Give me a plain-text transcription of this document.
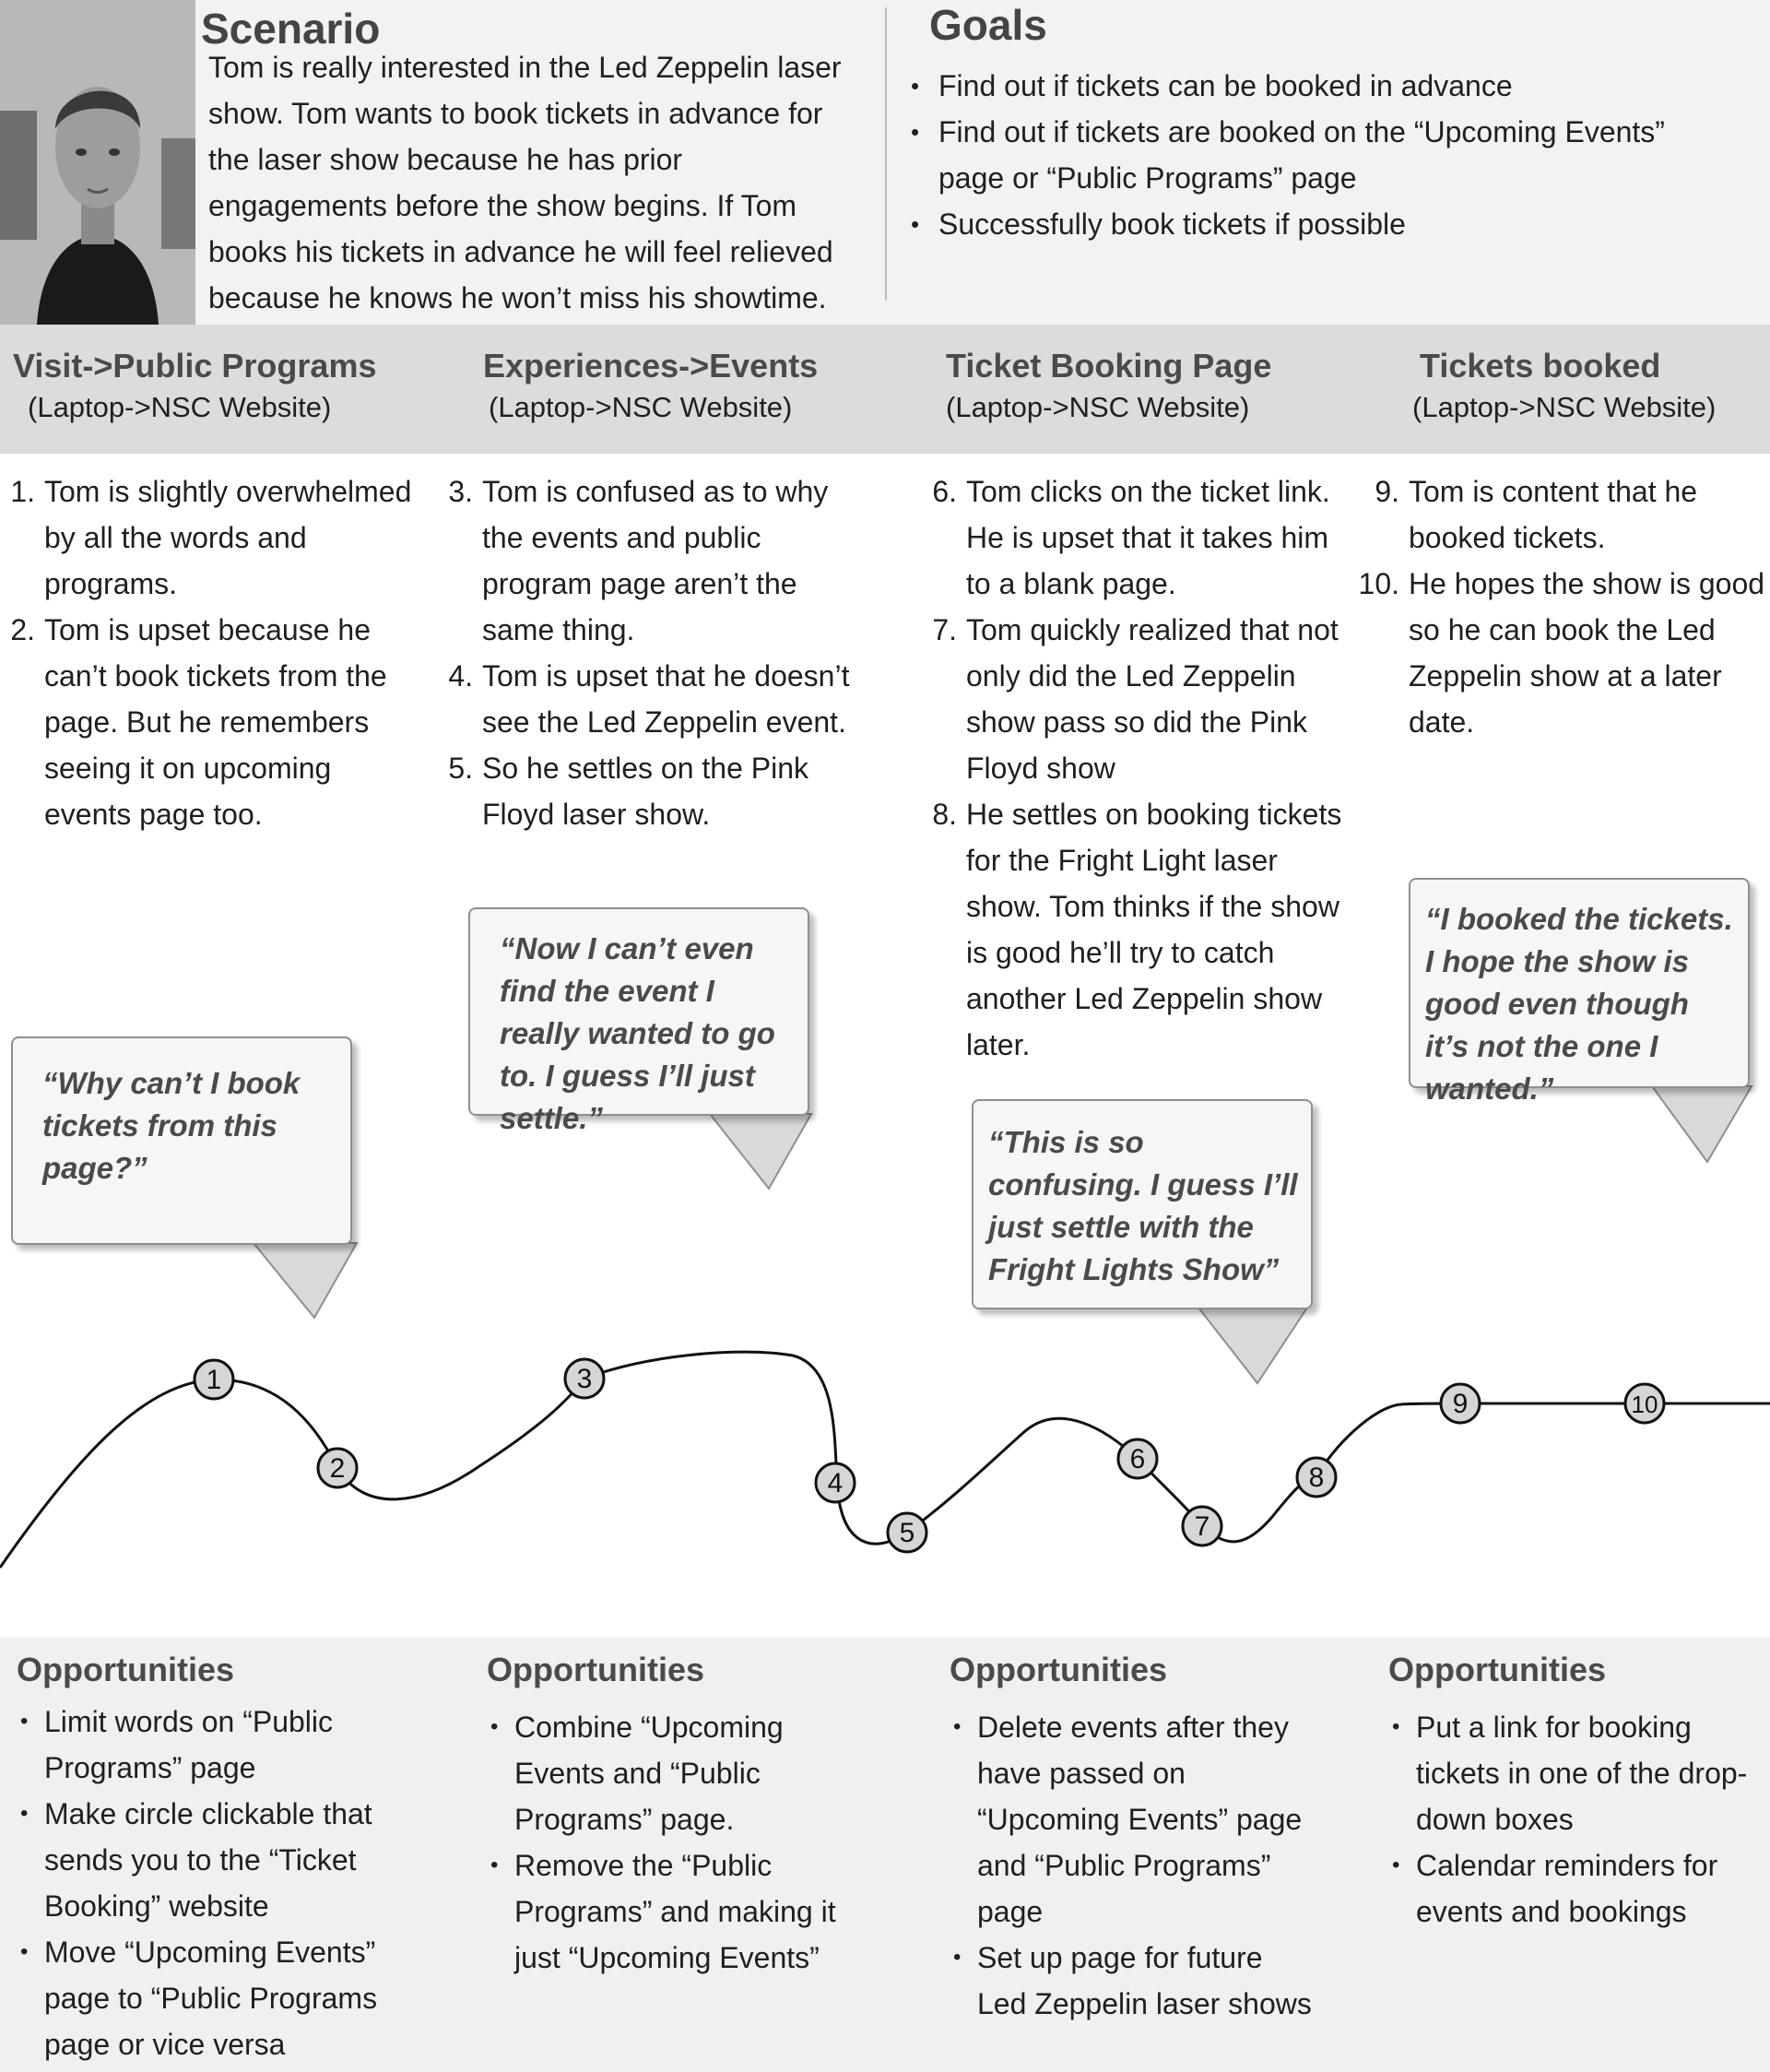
Scenario
Tom is really interested in the Led Zeppelin laser show. Tom wants to book tickets in advance for the laser show because he has prior engagements before the show begins. If Tom books his tickets in advance he will feel relieved because he knows he won’t miss his showtime.
Goals
• Find out if tickets can be booked in advance
• Find out if tickets are booked on the “Upcoming Events” page or “Public Programs” page
• Successfully book tickets if possible
Visit->Public Programs
(Laptop->NSC Website)
Experiences->Events
(Laptop->NSC Website)
Ticket Booking Page
(Laptop->NSC Website)
Tickets booked
(Laptop->NSC Website)
1. Tom is slightly overwhelmed by all the words and programs.
2. Tom is upset because he can’t book tickets from the page. But he remembers seeing it on upcoming events page too.
3. Tom is confused as to why the events and public program page aren’t the same thing.
4. Tom is upset that he doesn’t see the Led Zeppelin event.
5. So he settles on the Pink Floyd laser show.
6. Tom clicks on the ticket link. He is upset that it takes him to a blank page.
7. Tom quickly realized that not only did the Led Zeppelin show pass so did the Pink Floyd show
8. He settles on booking tickets for the Fright Light laser show. Tom thinks if the show is good he’ll try to catch another Led Zeppelin show later.
9. Tom is content that he booked tickets.
10. He hopes the show is good so he can book the Led Zeppelin show at a later date.
“Why can’t I book tickets from this page?”
“Now I can’t even find the event I really wanted to go to. I guess I’ll just settle.”
“This is so confusing. I guess I’ll just settle with the Fright Lights Show”
“I booked the tickets. I hope the show is good even though it’s not the one I wanted.”
1
2
3
4
5
6
7
8
9	10
Opportunities
• Limit words on “Public Programs” page
• Make circle clickable that sends you to the “Ticket Booking” website
• Move “Upcoming Events” page to “Public Programs page or vice versa
Opportunities
• Combine “Upcoming Events and “Public Programs” page.
• Remove the “Public Programs” and making it just “Upcoming Events”
Opportunities
• Delete events after they have passed on “Upcoming Events” page and “Public Programs” page
• Set up page for future Led Zeppelin laser shows
Opportunities
• Put a link for booking tickets in one of the drop-down boxes
• Calendar reminders for events and bookings
